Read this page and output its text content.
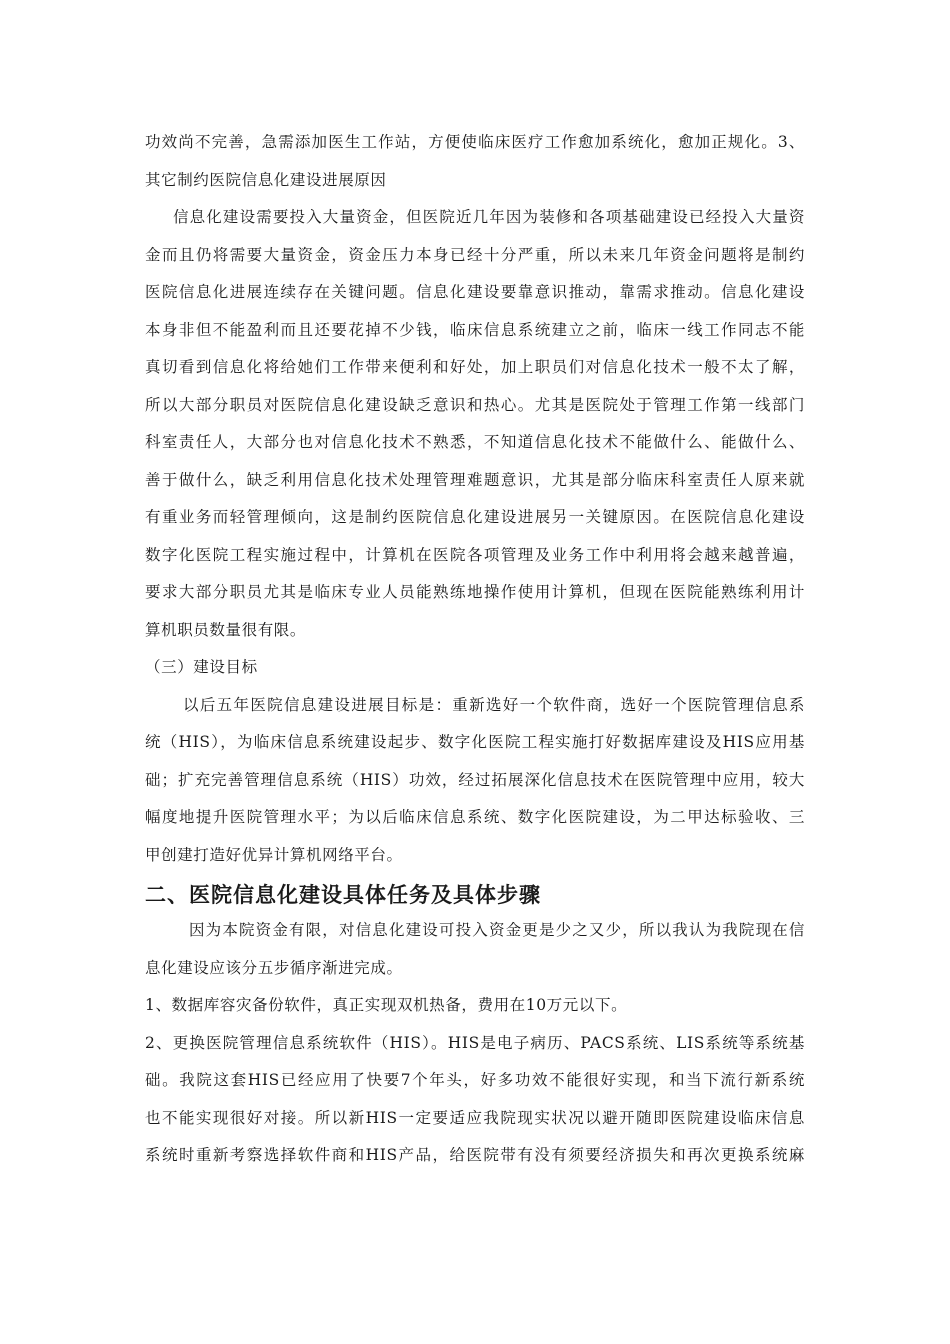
功效尚不完善，急需添加医生工作站，方便使临床医疗工作愈加系统化，愈加正规化。3、
其它制约医院信息化建设进展原因
信息化建设需要投入大量资金，但医院近几年因为装修和各项基础建设已经投入大量资
金而且仍将需要大量资金，资金压力本身已经十分严重，所以未来几年资金问题将是制约
医院信息化进展连续存在关键问题。信息化建设要靠意识推动，靠需求推动。信息化建设
本身非但不能盈利而且还要花掉不少钱，临床信息系统建立之前，临床一线工作同志不能
真切看到信息化将给她们工作带来便利和好处，加上职员们对信息化技术一般不太了解，
所以大部分职员对医院信息化建设缺乏意识和热心。尤其是医院处于管理工作第一线部门
科室责任人，大部分也对信息化技术不熟悉，不知道信息化技术不能做什么、能做什么、
善于做什么，缺乏利用信息化技术处理管理难题意识，尤其是部分临床科室责任人原来就
有重业务而轻管理倾向，这是制约医院信息化建设进展另一关键原因。在医院信息化建设
数字化医院工程实施过程中，计算机在医院各项管理及业务工作中利用将会越来越普遍，
要求大部分职员尤其是临床专业人员能熟练地操作使用计算机，但现在医院能熟练利用计
算机职员数量很有限。
（三）建设目标
以后五年医院信息建设进展目标是：重新选好一个软件商，选好一个医院管理信息系
统（HIS），为临床信息系统建设起步、数字化医院工程实施打好数据库建设及HIS应用基
础；扩充完善管理信息系统（HIS）功效，经过拓展深化信息技术在医院管理中应用，较大
幅度地提升医院管理水平；为以后临床信息系统、数字化医院建设，为二甲达标验收、三
甲创建打造好优异计算机网络平台。
二、医院信息化建设具体任务及具体步骤
因为本院资金有限，对信息化建设可投入资金更是少之又少，所以我认为我院现在信
息化建设应该分五步循序渐进完成。
1、数据库容灾备份软件，真正实现双机热备，费用在10万元以下。
2、更换医院管理信息系统软件（HIS）。HIS是电子病历、PACS系统、LIS系统等系统基
础。我院这套HIS已经应用了快要7个年头，好多功效不能很好实现，和当下流行新系统
也不能实现很好对接。所以新HIS一定要适应我院现实状况以避开随即医院建设临床信息
系统时重新考察选择软件商和HIS产品，给医院带有没有须要经济损失和再次更换系统麻
